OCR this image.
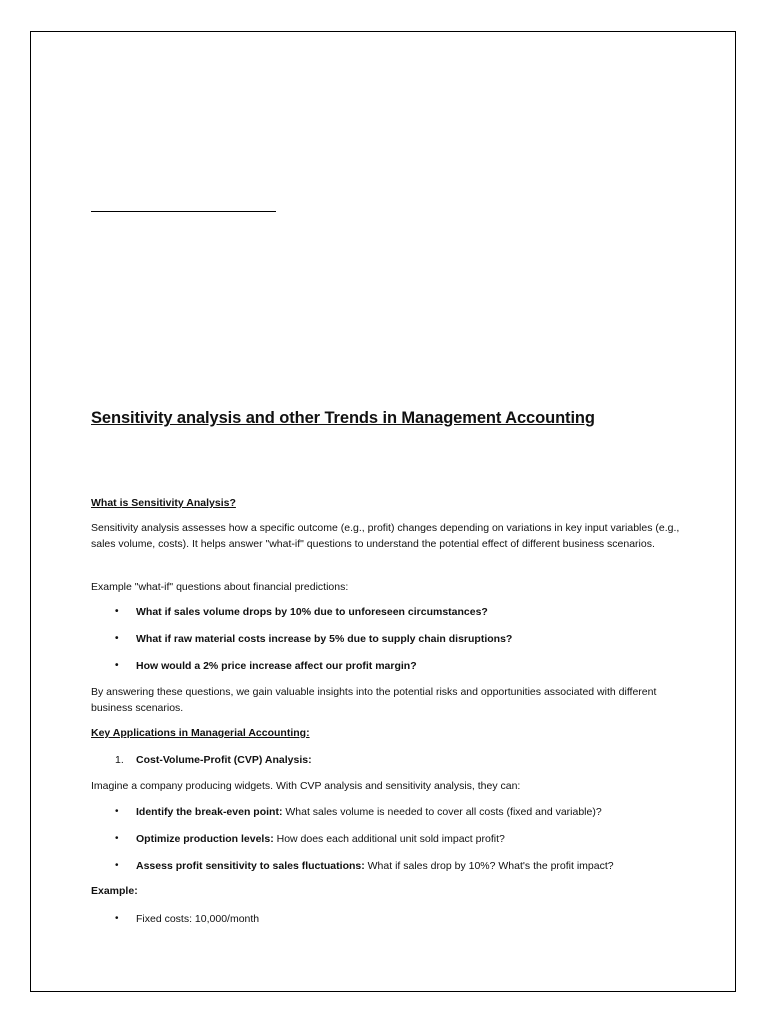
Sensitivity analysis and other Trends in Management Accounting

What is Sensitivity Analysis?

Sensitivity analysis assesses how a specific outcome (e.g., profit) changes depending on variations in key input variables (e.g., sales volume, costs). It helps answer "what-if" questions to understand the potential effect of different business scenarios.

Example "what-if" questions about financial predictions:

• What if sales volume drops by 10% due to unforeseen circumstances?
• What if raw material costs increase by 5% due to supply chain disruptions?
• How would a 2% price increase affect our profit margin?

By answering these questions, we gain valuable insights into the potential risks and opportunities associated with different business scenarios.

Key Applications in Managerial Accounting:

1. Cost-Volume-Profit (CVP) Analysis:

Imagine a company producing widgets. With CVP analysis and sensitivity analysis, they can:

• Identify the break-even point: What sales volume is needed to cover all costs (fixed and variable)?
• Optimize production levels: How does each additional unit sold impact profit?
• Assess profit sensitivity to sales fluctuations: What if sales drop by 10%? What's the profit impact?

Example:

• Fixed costs: 10,000/month
